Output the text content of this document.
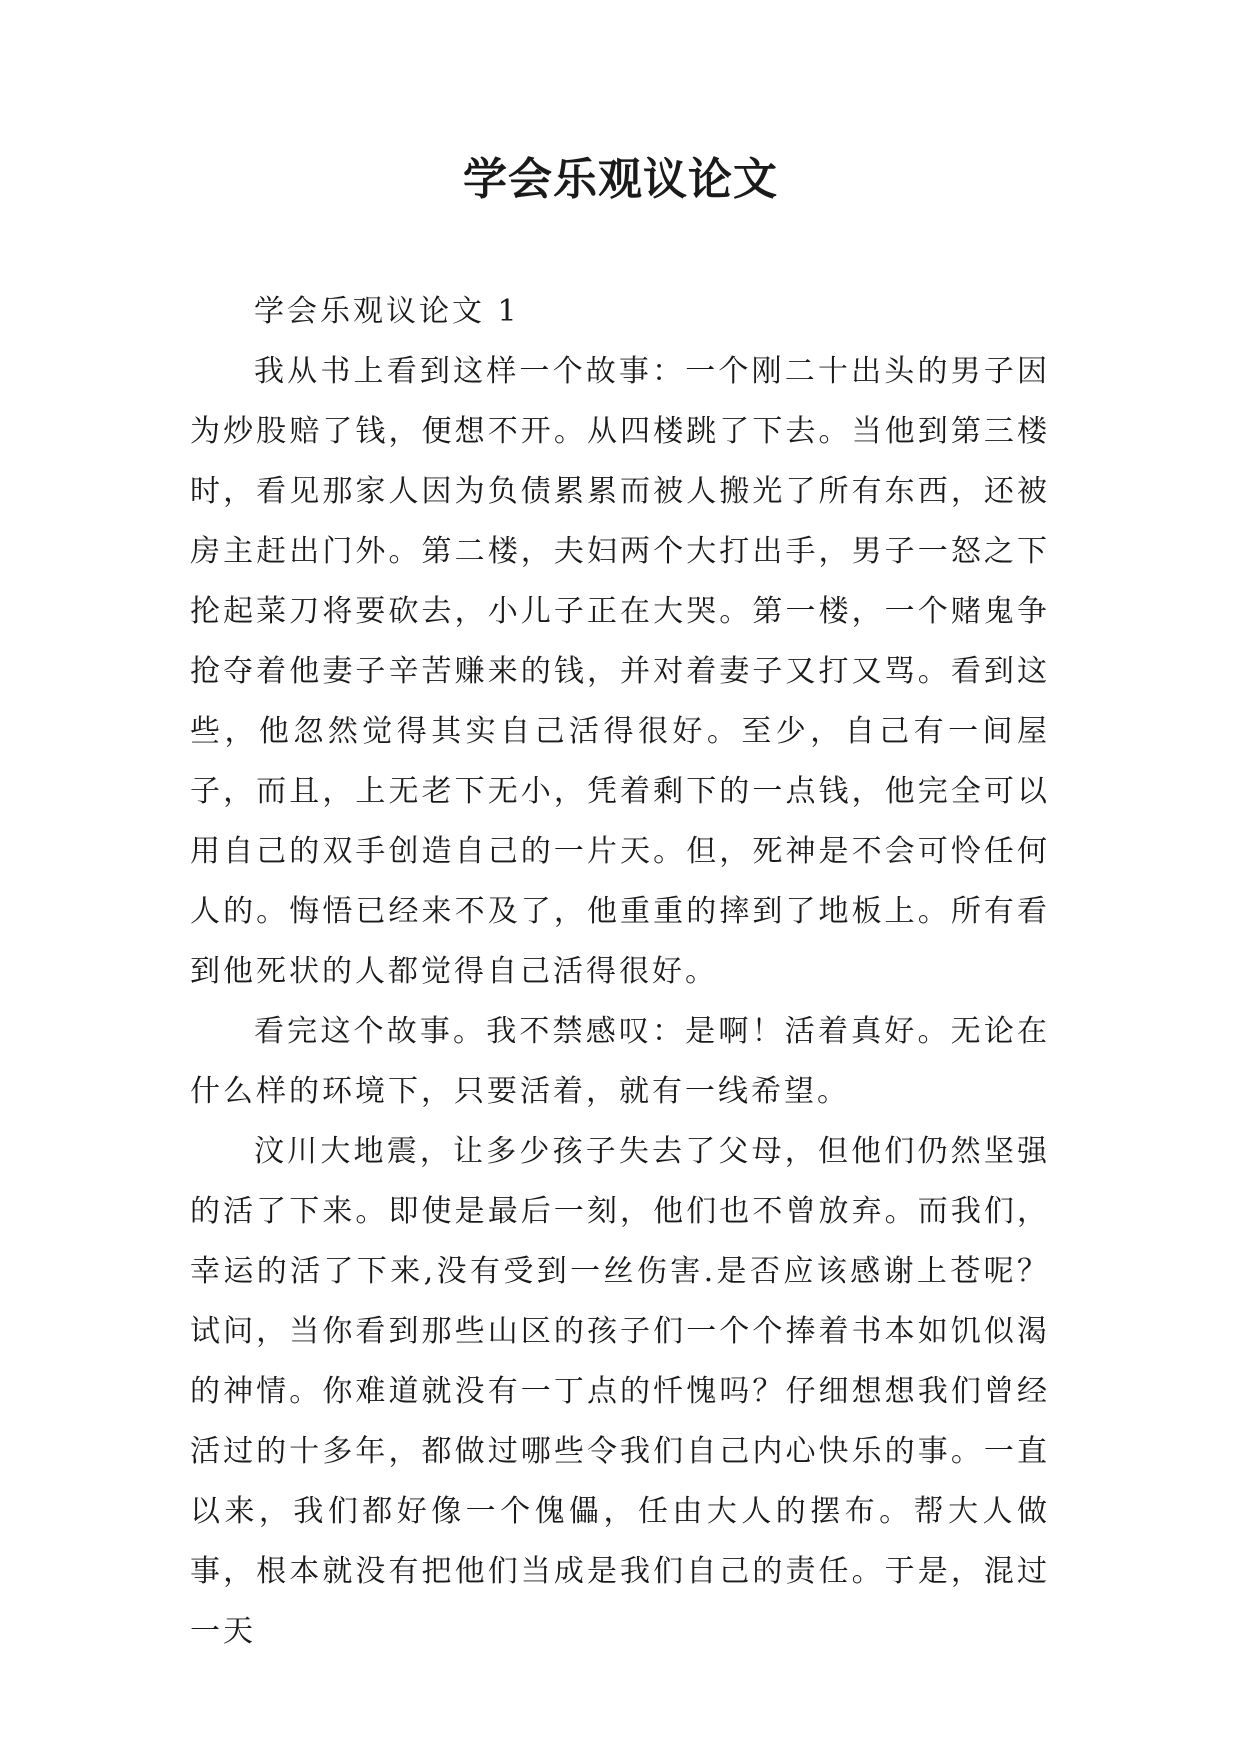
学会乐观议论文

学会乐观议论文 1

我从书上看到这样一个故事：一个刚二十出头的男子因为炒股赔了钱，便想不开。从四楼跳了下去。当他到第三楼时，看见那家人因为负债累累而被人搬光了所有东西，还被房主赶出门外。第二楼，夫妇两个大打出手，男子一怒之下抡起菜刀将要砍去，小儿子正在大哭。第一楼，一个赌鬼争抢夺着他妻子辛苦赚来的钱，并对着妻子又打又骂。看到这些，他忽然觉得其实自己活得很好。至少，自己有一间屋子，而且，上无老下无小，凭着剩下的一点钱，他完全可以用自己的双手创造自己的一片天。但，死神是不会可怜任何人的。悔悟已经来不及了，他重重的摔到了地板上。所有看到他死状的人都觉得自己活得很好。

看完这个故事。我不禁感叹：是啊！活着真好。无论在什么样的环境下，只要活着，就有一线希望。

汶川大地震，让多少孩子失去了父母，但他们仍然坚强的活了下来。即使是最后一刻，他们也不曾放弃。而我们，幸运的活了下来,没有受到一丝伤害.是否应该感谢上苍呢？试问，当你看到那些山区的孩子们一个个捧着书本如饥似渴的神情。你难道就没有一丁点的忏愧吗？仔细想想我们曾经活过的十多年，都做过哪些令我们自己内心快乐的事。一直以来，我们都好像一个傀儡，任由大人的摆布。帮大人做事，根本就没有把他们当成是我们自己的责任。于是，混过一天
